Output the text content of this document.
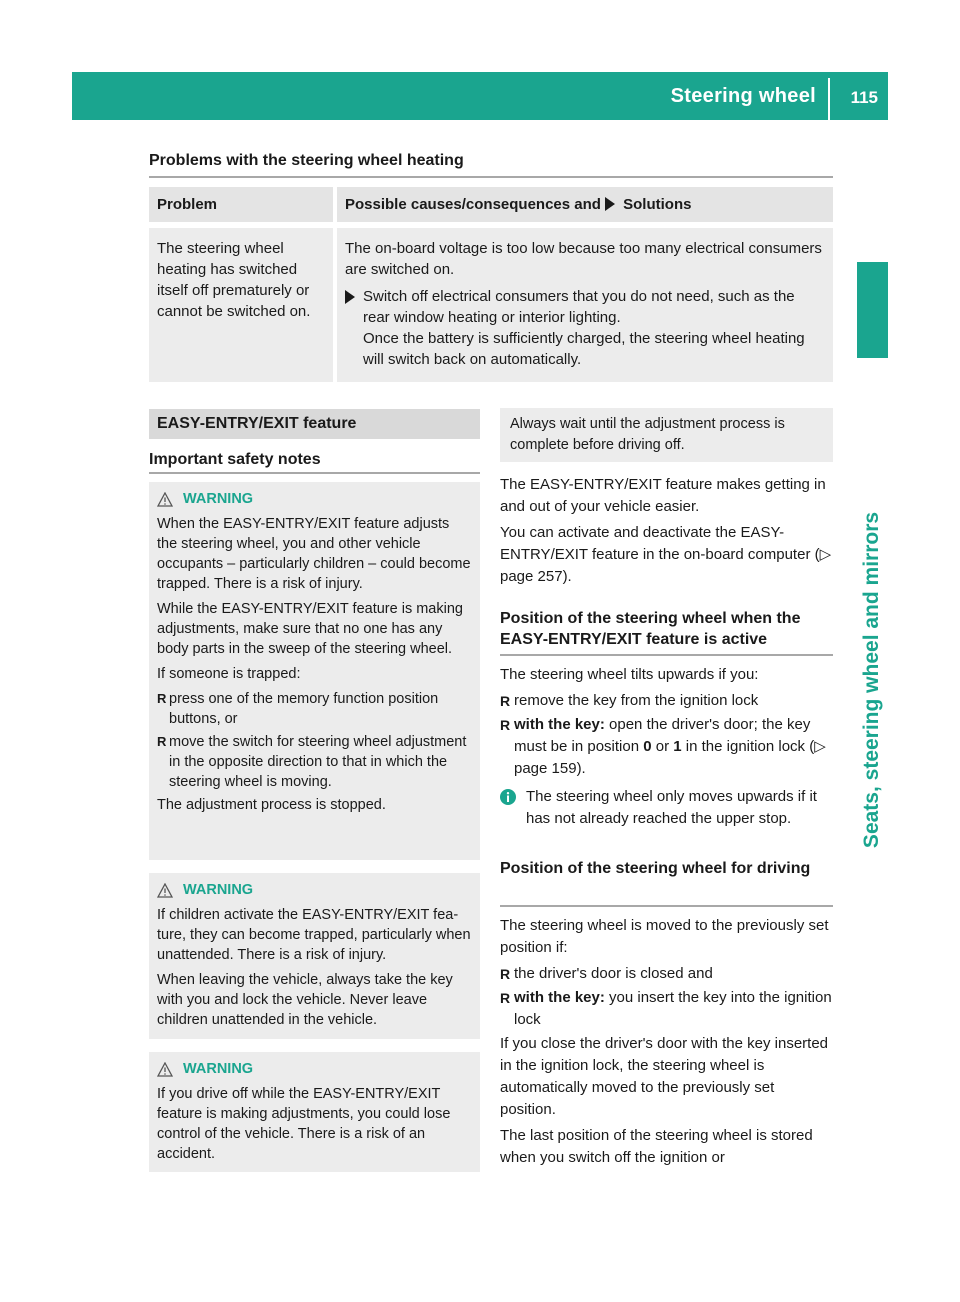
Steering wheel 115
Seats, steering wheel and mirrors
Problems with the steering wheel heating
Problem	Possible causes/consequences and Solutions
The steering wheel heating has switched itself off prematurely or cannot be switched on.	The on-board voltage is too low because too many electrical consumers are switched on.
Switch off electrical consumers that you do not need, such as the rear window heating or interior lighting.
Once the battery is sufficiently charged, the steering wheel heating will switch back on automatically.
EASY-ENTRY/EXIT feature
Important safety notes
WARNING

When the EASY-ENTRY/EXIT feature adjusts the steering wheel, you and other vehicle occupants – particularly children – could become trapped. There is a risk of injury.

While the EASY-ENTRY/EXIT feature is making adjustments, make sure that no one has any body parts in the sweep of the steering wheel.

If someone is trapped:

R press one of the memory function position buttons, or
R move the switch for steering wheel adjustment in the opposite direction to that in which the steering wheel is moving.

The adjustment process is stopped.

WARNING

If children activate the EASY-ENTRY/EXIT feature, they can become trapped, particularly when unattended. There is a risk of injury.

When leaving the vehicle, always take the key with you and lock the vehicle. Never leave children unattended in the vehicle.

WARNING

If you drive off while the EASY-ENTRY/EXIT feature is making adjustments, you could lose control of the vehicle. There is a risk of an accident.

Always wait until the adjustment process is complete before driving off.

The EASY-ENTRY/EXIT feature makes getting in and out of your vehicle easier.

You can activate and deactivate the EASY-ENTRY/EXIT feature in the on-board computer (▷ page 257).

Position of the steering wheel when the EASY-ENTRY/EXIT feature is active

The steering wheel tilts upwards if you:

R remove the key from the ignition lock
R with the key: open the driver's door; the key must be in position 0 or 1 in the ignition lock (▷ page 159).
The steering wheel only moves upwards if it has not already reached the upper stop.
Position of the steering wheel for driving

The steering wheel is moved to the previously set position if:

R the driver's door is closed and
R with the key: you insert the key into the ignition lock

If you close the driver's door with the key inserted in the ignition lock, the steering wheel is automatically moved to the previously set position.

The last position of the steering wheel is stored when you switch off the ignition or
